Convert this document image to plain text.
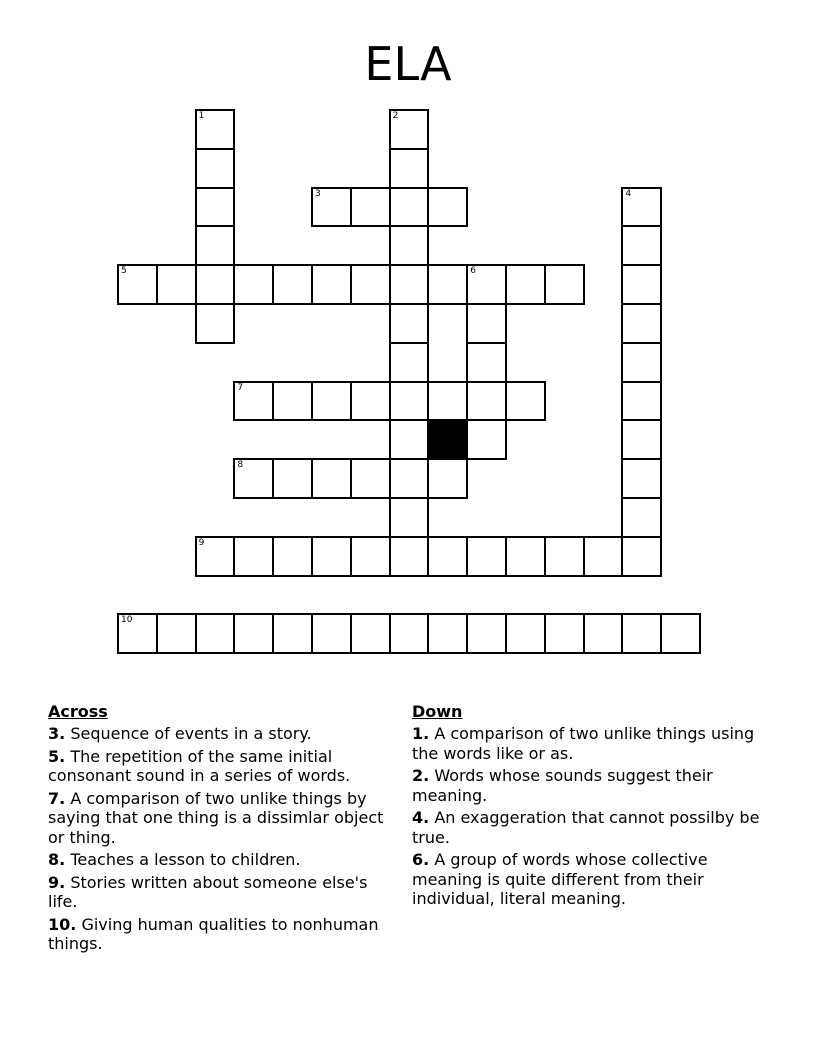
ELA
1	2
3	4
5	6
7
8
9
10
Across
3. Sequence of events in a story.
5. The repetition of the same initial consonant sound in a series of words.
7. A comparison of two unlike things by saying that one thing is a dissimlar object or thing.
8. Teaches a lesson to children.
9. Stories written about someone else's life.
10. Giving human qualities to nonhuman things.
Down
1. A comparison of two unlike things using the words like or as.
2. Words whose sounds suggest their meaning.
4. An exaggeration that cannot possilby be true.
6. A group of words whose collective meaning is quite different from their individual, literal meaning.
